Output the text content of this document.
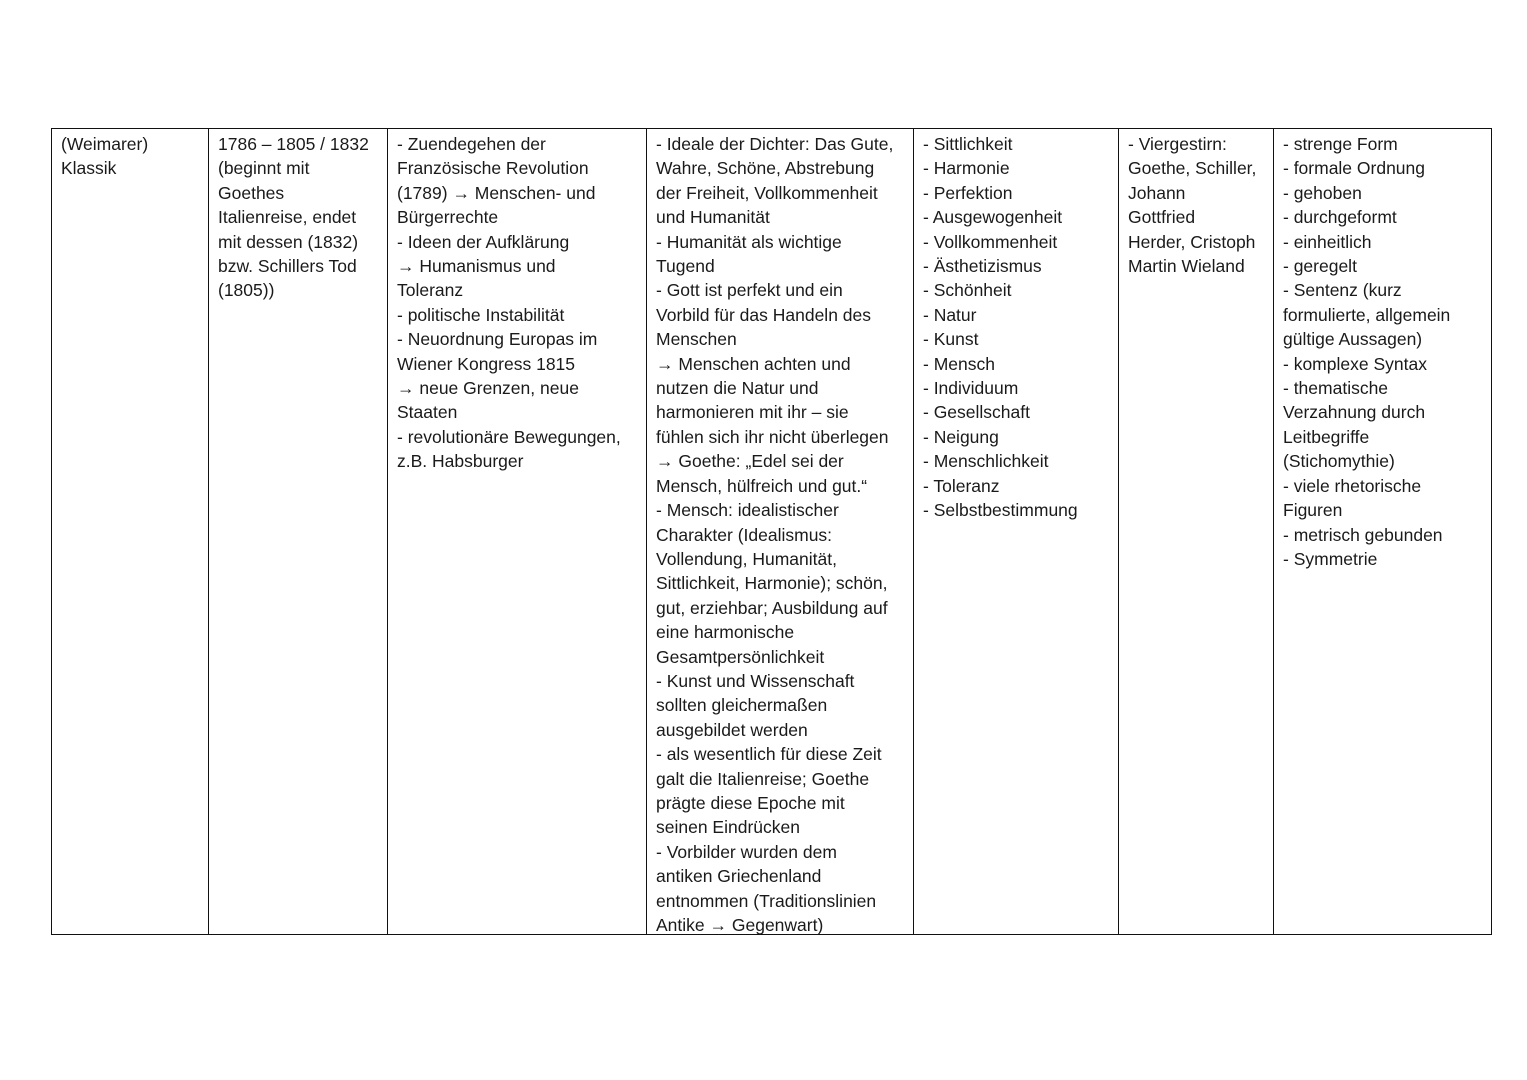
(Weimarer)
Klassik
1786 – 1805 / 1832
(beginnt mit
Goethes
Italienreise, endet
mit dessen (1832)
bzw. Schillers Tod
(1805))
- Zuendegehen der
Französische Revolution
(1789) → Menschen- und
Bürgerrechte
- Ideen der Aufklärung
→ Humanismus und
Toleranz
- politische Instabilität
- Neuordnung Europas im
Wiener Kongress 1815
→ neue Grenzen, neue
Staaten
- revolutionäre Bewegungen,
z.B. Habsburger
- Ideale der Dichter: Das Gute,
Wahre, Schöne, Abstrebung
der Freiheit, Vollkommenheit
und Humanität
- Humanität als wichtige
Tugend
- Gott ist perfekt und ein
Vorbild für das Handeln des
Menschen
→ Menschen achten und
nutzen die Natur und
harmonieren mit ihr – sie
fühlen sich ihr nicht überlegen
→ Goethe: „Edel sei der
Mensch, hülfreich und gut.“
- Mensch: idealistischer
Charakter (Idealismus:
Vollendung, Humanität,
Sittlichkeit, Harmonie); schön,
gut, erziehbar; Ausbildung auf
eine harmonische
Gesamtpersönlichkeit
- Kunst und Wissenschaft
sollten gleichermaßen
ausgebildet werden
- als wesentlich für diese Zeit
galt die Italienreise; Goethe
prägte diese Epoche mit
seinen Eindrücken
- Vorbilder wurden dem
antiken Griechenland
entnommen (Traditionslinien
Antike → Gegenwart)
- Sittlichkeit
- Harmonie
- Perfektion
- Ausgewogenheit
- Vollkommenheit
- Ästhetizismus
- Schönheit
- Natur
- Kunst
- Mensch
- Individuum
- Gesellschaft
- Neigung
- Menschlichkeit
- Toleranz
- Selbstbestimmung
- Viergestirn:
Goethe, Schiller,
Johann
Gottfried
Herder, Cristoph
Martin Wieland
- strenge Form
- formale Ordnung
- gehoben
- durchgeformt
- einheitlich
- geregelt
- Sentenz (kurz
formulierte, allgemein
gültige Aussagen)
- komplexe Syntax
- thematische
Verzahnung durch
Leitbegriffe
(Stichomythie)
- viele rhetorische
Figuren
- metrisch gebunden
- Symmetrie
